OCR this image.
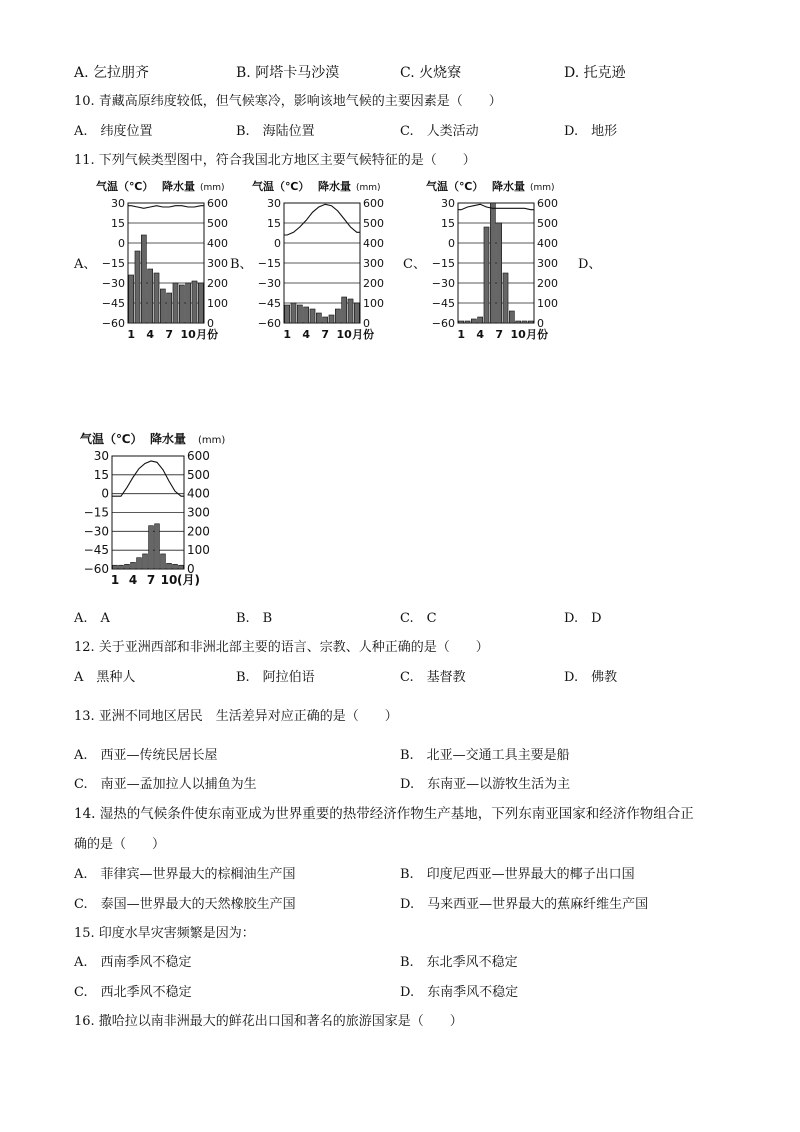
A. 乞拉朋齐	B. 阿塔卡马沙漠	C. 火烧寮	D. 托克逊
10. 青藏高原纬度较低，但气候寒冷，影响该地气候的主要因素是（　　）
A.　纬度位置	B.　海陆位置	C.　人类活动	D.　地形
11. 下列气候类型图中，符合我国北方地区主要气候特征的是（　　）
A、	B、	C、	D、
气温（℃） 降水量 (mm)
30
15
0
−15
−30
−45
−60
600
500
400
300
200
100
0
1 4 7 10 月份
气温（℃） 降水量 (mm)
30
15
0
−15
−30
−45
−60
600
500
400
300
200
100
0
1 4 7 10 月份
气温（℃） 降水量 (mm)
30
15
0
−15
−30
−45
−60
600
500
400
300
200
100
0
1 4 7 10 月份
气温（℃） 降水量 (mm)
30
15
0
−15
−30
−45
−60
600
500
400
300
200
100
0
1 4 7 10 (月)
A.　A	B.　B	C.　C	D.　D
12. 关于亚洲西部和非洲北部主要的语言、宗教、人种正确的是（　　）
A　黑种人	B.　阿拉伯语	C.　基督教	D.　佛教
13. 亚洲不同地区居民　生活差异对应正确的是（　　）
A.　西亚—传统民居长屋	B.　北亚—交通工具主要是船
C.　南亚—孟加拉人以捕鱼为生	D.　东南亚—以游牧生活为主
14. 湿热的气候条件使东南亚成为世界重要的热带经济作物生产基地，下列东南亚国家和经济作物组合正
确的是（　　）
A.　菲律宾—世界最大的棕榈油生产国	B.　印度尼西亚—世界最大的椰子出口国
C.　泰国—世界最大的天然橡胶生产国	D.　马来西亚—世界最大的蕉麻纤维生产国
15. 印度水旱灾害频繁是因为：
A.　西南季风不稳定	B.　东北季风不稳定
C.　西北季风不稳定	D.　东南季风不稳定
16. 撒哈拉以南非洲最大的鲜花出口国和著名的旅游国家是（　　）
